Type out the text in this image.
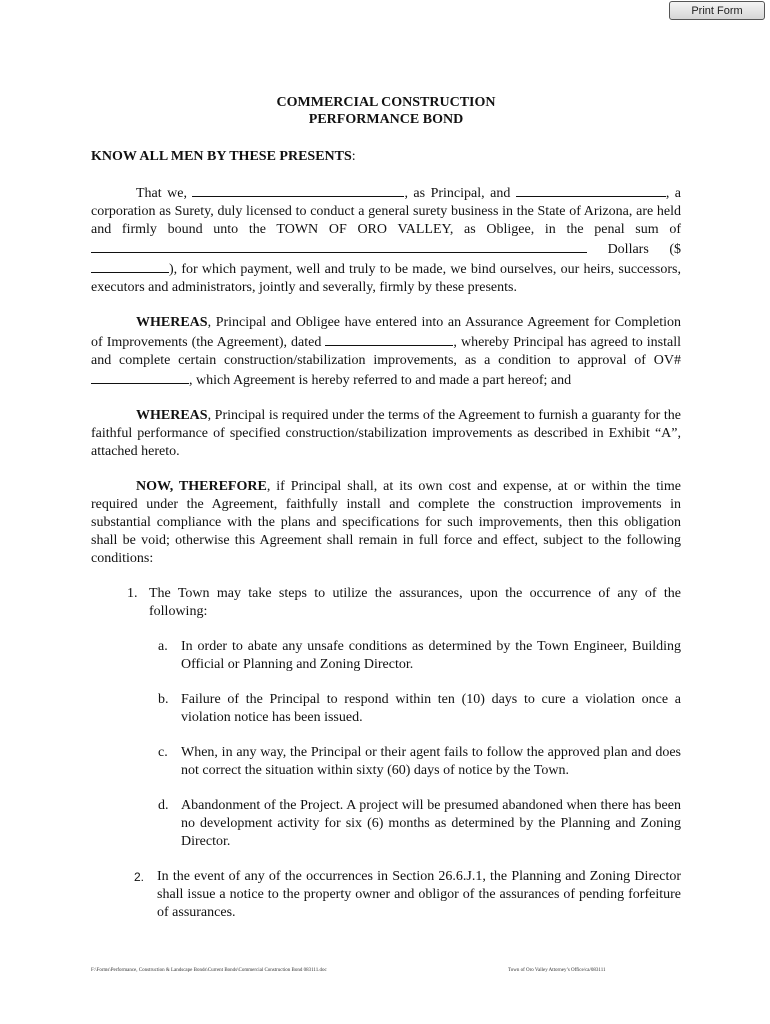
Print Form
COMMERCIAL CONSTRUCTION
PERFORMANCE BOND
KNOW ALL MEN BY THESE PRESENTS:

That we,	, as Principal, and	, a corporation as Surety, duly licensed to conduct a general surety business in the State of Arizona, are held and firmly bound unto the TOWN OF ORO VALLEY, as Obligee, in the penal sum of  Dollars ($), for which payment, well and truly to be made, we bind ourselves, our heirs, successors, executors and administrators, jointly and severally, firmly by these presents.

WHEREAS, Principal and Obligee have entered into an Assurance Agreement for Completion of Improvements (the Agreement), dated	, whereby Principal has agreed to install and complete certain construction/stabilization improvements, as a condition to approval of OV# , which Agreement is hereby referred to and made a part hereof; and

WHEREAS, Principal is required under the terms of the Agreement to furnish a guaranty for the faithful performance of specified construction/stabilization improvements as described in Exhibit “A”, attached hereto.

NOW, THEREFORE, if Principal shall, at its own cost and expense, at or within the time required under the Agreement, faithfully install and complete the construction improvements in substantial compliance with the plans and specifications for such improvements, then this obligation shall be void; otherwise this Agreement shall remain in full force and effect, subject to the following conditions:

1. The Town may take steps to utilize the assurances, upon the occurrence of any of the following:

a. In order to abate any unsafe conditions as determined by the Town Engineer, Building Official or Planning and Zoning Director.

b. Failure of the Principal to respond within ten (10) days to cure a violation once a violation notice has been issued.

c. When, in any way, the Principal or their agent fails to follow the approved plan and does not correct the situation within sixty (60) days of notice by the Town.

d. Abandonment of the Project. A project will be presumed abandoned when there has been no development activity for six (6) months as determined by the Planning and Zoning Director.

2. In the event of any of the occurrences in Section 26.6.J.1, the Planning and Zoning Director shall issue a notice to the property owner and obligor of the assurances of pending forfeiture of assurances.

F:\Forms\Performance, Construction & Landscape Bonds\Current Bonds\Commercial Construction Bond 083111.doc	Town of Oro Valley Attorney’s Office/ca/083111
